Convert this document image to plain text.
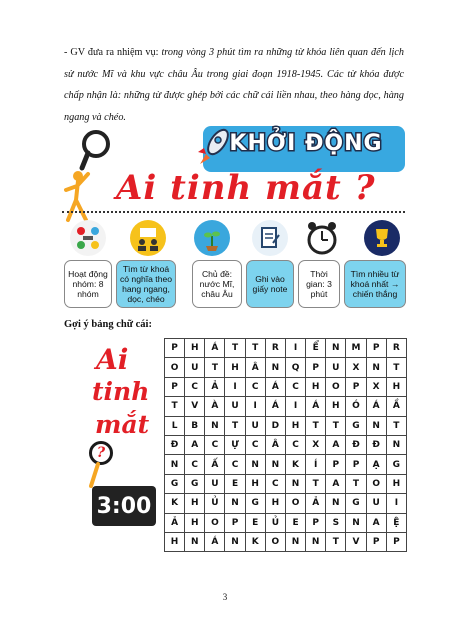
- GV đưa ra nhiệm vụ: trong vòng 3 phút tìm ra những từ khóa liên quan đến lịch sử nước Mĩ và khu vực châu Âu trong giai đoạn 1918-1945. Các từ khóa được chấp nhận là: những từ được ghép bởi các chữ cái liền nhau, theo hàng dọc, hàng ngang và chéo.

KHỞI ĐỘNG
Ai tinh mắt ?
Hoạt động nhóm: 8 nhóm
Tìm từ khoá có nghĩa theo hang ngang, dọc, chéo
Chủ đề: nước Mĩ, châu Âu
Ghi vào giấy note
Thời gian: 3 phút
Tìm nhiều từ khoá nhất → chiến thắng
Gợi ý bảng chữ cái:
Ai
tinh
mắt
?
3:00
P	H	Á	T	T	R	I	Ể	N	M	P	R
O	U	T	H	Â	N	Q	P	U	X	N	T
P	C	Ả	I	C	Á	C	H	O	P	X	H
T	V	À	U	I	Á	I	Á	H	Ó	Á	Ầ
L	B	N	T	U	D	H	T	T	G	N	T
Đ	A	C	Ự	C	Â	C	X	A	Đ	Đ	N
N	C	Ấ	C	N	N	K	Í	P	P	Ạ	G
G	G	U	E	H	C	N	T	A	T	O	H
K	H	Ủ	N	G	H	O	Ả	N	G	U	I
Ả	H	O	P	E	Ủ	E	P	S	N	A	Ệ
H	N	Á	N	K	O	N	N	T	V	P	P
3
